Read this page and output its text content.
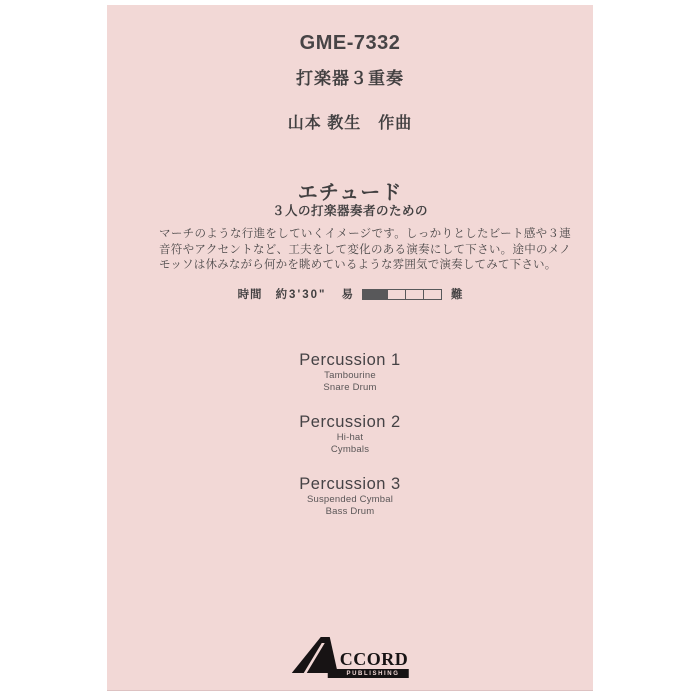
GME-7332
打楽器３重奏
山本 教生　作曲
エチュード
３人の打楽器奏者のための
マーチのような行進をしていくイメージです。しっかりとしたビート感や３連音符やアクセントなど、工夫をして変化のある演奏にして下さい。途中のメノモッソは休みながら何かを眺めているような雰囲気で演奏してみて下さい。
時間 約3'30" 易	難
Percussion 1
Tambourine
Snare Drum
Percussion 2
Hi-hat
Cymbals
Percussion 3
Suspended Cymbal
Bass Drum
CCORD
PUBLISHING
